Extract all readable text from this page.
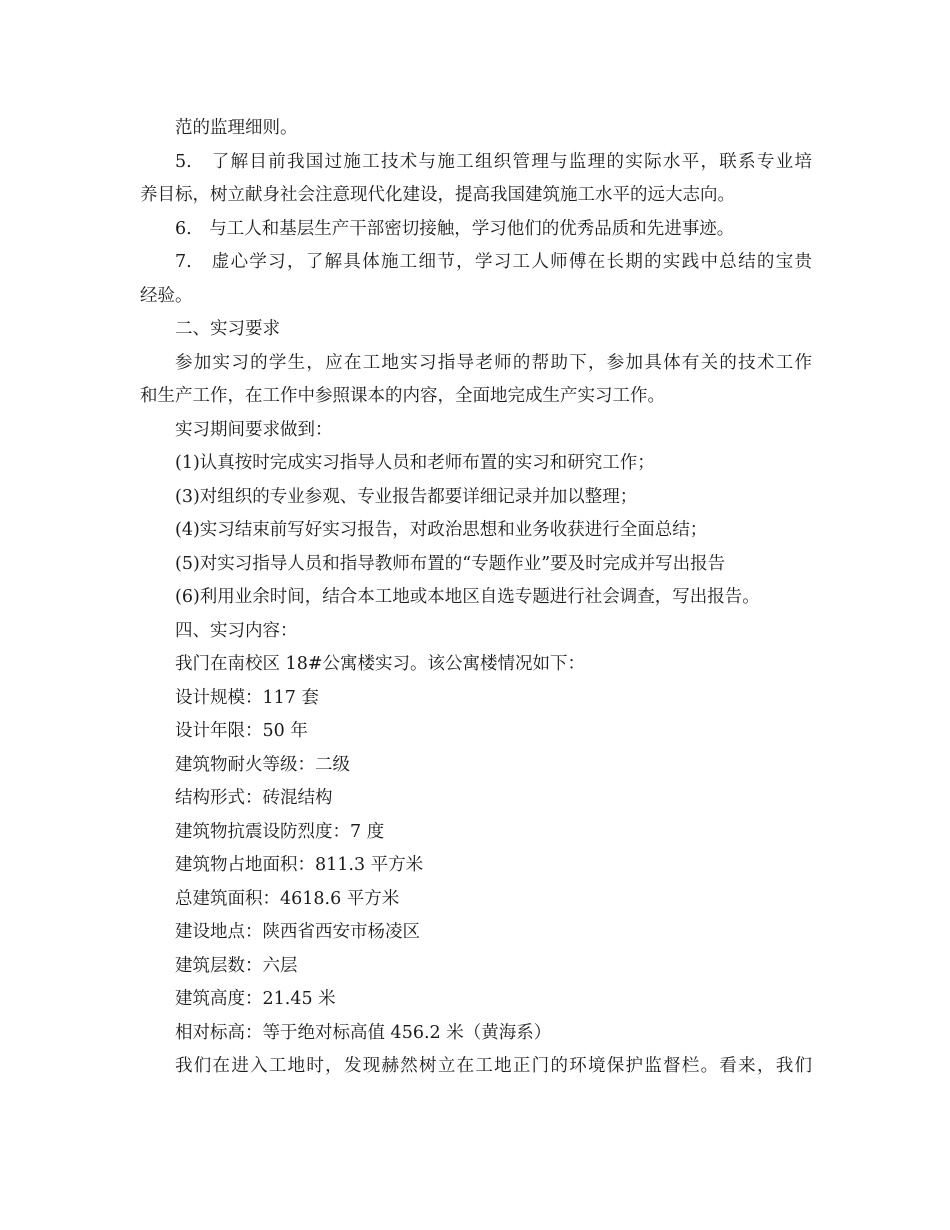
范的监理细则。
5.　了解目前我国过施工技术与施工组织管理与监理的实际水平，联系专业培
养目标，树立献身社会注意现代化建设，提高我国建筑施工水平的远大志向。
6.　与工人和基层生产干部密切接触，学习他们的优秀品质和先进事迹。
7.　虚心学习，了解具体施工细节，学习工人师傅在长期的实践中总结的宝贵
经验。
二、实习要求
参加实习的学生，应在工地实习指导老师的帮助下，参加具体有关的技术工作
和生产工作，在工作中参照课本的内容，全面地完成生产实习工作。
实习期间要求做到：
(1)认真按时完成实习指导人员和老师布置的实习和研究工作；
(3)对组织的专业参观、专业报告都要详细记录并加以整理；
(4)实习结束前写好实习报告，对政治思想和业务收获进行全面总结；
(5)对实习指导人员和指导教师布置的“专题作业”要及时完成并写出报告
(6)利用业余时间，结合本工地或本地区自选专题进行社会调查，写出报告。
四、实习内容：
我门在南校区 18#公寓楼实习。该公寓楼情况如下：
设计规模：117 套
设计年限：50 年
建筑物耐火等级：二级
结构形式：砖混结构
建筑物抗震设防烈度：7 度
建筑物占地面积：811.3 平方米
总建筑面积：4618.6 平方米
建设地点：陕西省西安市杨凌区
建筑层数：六层
建筑高度：21.45 米
相对标高：等于绝对标高值 456.2 米（黄海系）
我们在进入工地时，发现赫然树立在工地正门的环境保护监督栏。看来，我们
